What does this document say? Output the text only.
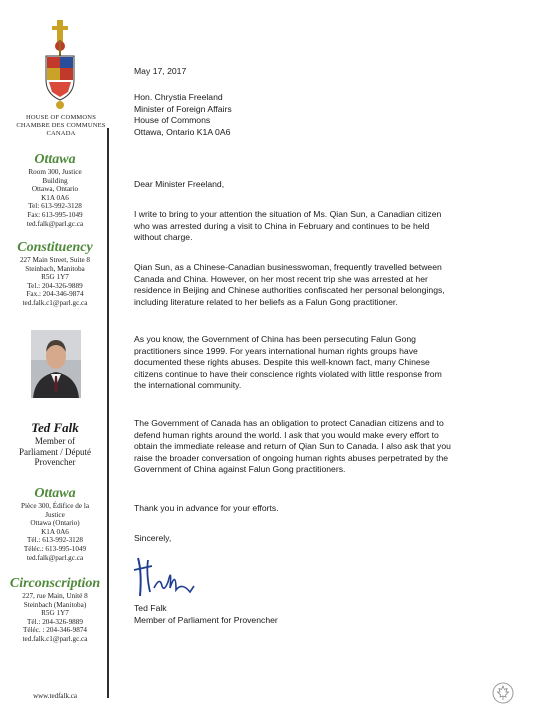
HOUSE OF COMMONS
CHAMBRE DES COMMUNES
CANADA
Ottawa
Room 300, Justice
Building
Ottawa, Ontario
K1A 0A6
Tel: 613-992-3128
Fax: 613-995-1049
ted.falk@parl.gc.ca
Constituency
227 Main Street, Suite 8
Steinbach, Manitoba
R5G 1Y7
Tel.: 204-326-9889
Fax.: 204-346-9874
ted.falk.c1@parl.gc.ca
Ted Falk
Member of
Parliament / Député
Provencher
Ottawa
Pièce 300, Édifice de la
Justice
Ottawa (Ontario)
K1A 0A6
Tél.: 613-992-3128
Téléc.: 613-995-1049
ted.falk@parl.gc.ca
Circonscription
227, rue Main, Unité 8
Steinbach (Manitoba)
R5G 1Y7
Tél.: 204-326-9889
Téléc. : 204-346-9874
ted.falk.c1@parl.gc.ca
www.tedfalk.ca

May 17, 2017

Hon. Chrystia Freeland

Minister of Foreign Affairs

House of Commons

Ottawa, Ontario K1A 0A6

Dear Minister Freeland,

I write to bring to your attention the situation of Ms. Qian Sun, a Canadian citizen

who was arrested during a visit to China in February and continues to be held

without charge.

Qian Sun, as a Chinese-Canadian businesswoman, frequently travelled between

Canada and China. However, on her most recent trip she was arrested at her

residence in Beijing and Chinese authorities confiscated her personal belongings,

including literature related to her beliefs as a Falun Gong practitioner.

As you know, the Government of China has been persecuting Falun Gong

practitioners since 1999. For years international human rights groups have

documented these rights abuses. Despite this well-known fact, many Chinese

citizens continue to have their conscience rights violated with little response from

the international community.

The Government of Canada has an obligation to protect Canadian citizens and to

defend human rights around the world. I ask that you would make every effort to

obtain the immediate release and return of Qian Sun to Canada. I also ask that you

raise the broader conversation of ongoing human rights abuses perpetrated by the

Government of China against Falun Gong practitioners.

Thank you in advance for your efforts.

Sincerely,

Ted Falk

Member of Parliament for Provencher
